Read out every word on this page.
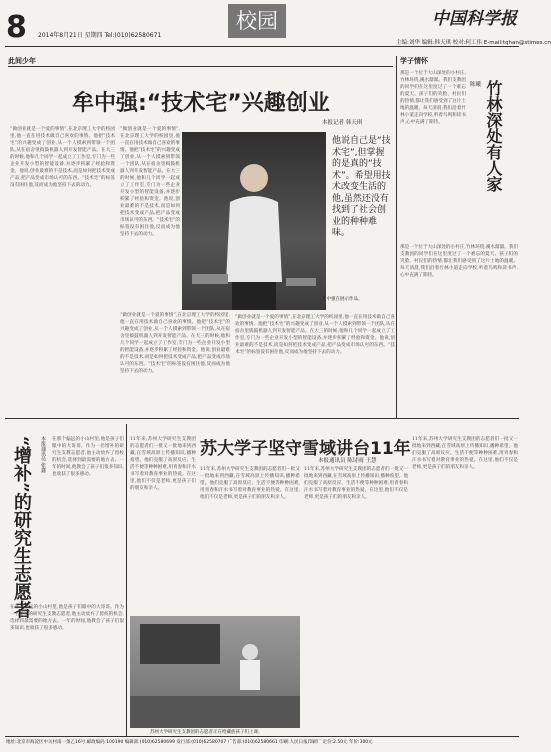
8 2014年8月21日 星期四 Tel:(010)62580671
校园	中国科学报
主编:刘华 编辑:韩天琪 校对:何工伟 E-mail:tqhan@stimes.cn
此间少年
牟中强:“技术宅”兴趣创业
本报记者 韩天琪
“做创业就是一个爱的事情”,在北京理工大学的校园里,他一直在用技术做自己喜欢的事情。他把“技术宅”的兴趣变成了创业,从一个人摸索到带领一个团队,从在宿舍里捣鼓机器人到开发智能产品。在大三的时候,他和几个同学一起成立了工作室,专门为一些企业开发小型的智能设备,并逐步积累了经验和资金。他说,创业最难的不是技术,而是如何把技术变成产品,把产品变成市场认可的东西。“技术宅”的标签没有困住他,反而成为他坚持下去的动力。
“做创业就是一个爱的事情”,在北京理工大学的校园里,他一直在用技术做自己喜欢的事情。他把“技术宅”的兴趣变成了创业,从一个人摸索到带领一个团队,从在宿舍里捣鼓机器人到开发智能产品。在大三的时候,他和几个同学一起成立了工作室,专门为一些企业开发小型的智能设备,并逐步积累了经验和资金。他说,创业最难的不是技术,而是如何把技术变成产品,把产品变成市场认可的东西。“技术宅”的标签没有困住他,反而成为他坚持下去的动力。
“做创业就是一个爱的事情”,在北京理工大学的校园里,他一直在用技术做自己喜欢的事情。他把“技术宅”的兴趣变成了创业,从一个人摸索到带领一个团队,从在宿舍里捣鼓机器人到开发智能产品。在大三的时候,他和几个同学一起成立了工作室,专门为一些企业开发小型的智能设备,并逐步积累了经验和资金。他说,创业最难的不是技术,而是如何把技术变成产品,把产品变成市场认可的东西。“技术宅”的标签没有困住他,反而成为他坚持下去的动力。
牟中强在展示作品。
他说自己是“技术宅”,但掌握的是真的“技术”。希望用技术改变生活的他,虽然还没有找到了社会创业的种种难味。
“做创业就是一个爱的事情”,在北京理工大学的校园里,他一直在用技术做自己喜欢的事情。他把“技术宅”的兴趣变成了创业,从一个人摸索到带领一个团队,从在宿舍里捣鼓机器人到开发智能产品。在大三的时候,他和几个同学一起成立了工作室,专门为一些企业开发小型的智能设备,并逐步积累了经验和资金。他说,创业最难的不是技术,而是如何把技术变成产品,把产品变成市场认可的东西。“技术宅”的标签没有困住他,反而成为他坚持下去的动力。
学子情怀
竹林深处有人家
陈曦
那是一个位于大山深处的小村庄,竹林环绕,溪水潺潺。我们支教团的同学们在这里度过了一个难忘的夏天。孩子们的笑脸、村民们的热情,都让我们感受到了这片土地的温暖。每天清晨,我们沿着竹林小道走向学校,听着鸟鸣和读书声,心中充满了期待。
那是一个位于大山深处的小村庄,竹林环绕,溪水潺潺。我们支教团的同学们在这里度过了一个难忘的夏天。孩子们的笑脸、村民们的热情,都让我们感受到了这片土地的温暖。每天清晨,我们沿着竹林小道走向学校,听着鸟鸣和读书声,心中充满了期待。
“增补”的研究生志愿者	本报通讯员 张鑫 在那个偏远的小山村里,他是孩子们眼中的大哥哥。作为一名增补的研究生支教志愿者,他主动放弃了留校的机会,选择到最需要的地方去。一年的时间,他教会了孩子们很多知识,也收获了很多感动。
在那个偏远的小山村里,他是孩子们眼中的大哥哥。作为一名增补的研究生支教志愿者,他主动放弃了留校的机会,选择到最需要的地方去。一年的时间,他教会了孩子们很多知识,也收获了很多感动。
苏大学子坚守雪域讲台11年
本报通讯员 陈诗雨 王慧
11年来,苏州大学研究生支教团的志愿者们一批又一批地来到西藏,在雪域高原上传播知识,播种希望。他们克服了高原反应、生活不便等种种困难,用青春和汗水书写着对教育事业的热爱。在这里,他们不仅是老师,更是孩子们的朋友和亲人。
11年来,苏州大学研究生支教团的志愿者们一批又一批地来到西藏,在雪域高原上传播知识,播种希望。他们克服了高原反应、生活不便等种种困难,用青春和汗水书写着对教育事业的热爱。在这里,他们不仅是老师,更是孩子们的朋友和亲人。
11年来,苏州大学研究生支教团的志愿者们一批又一批地来到西藏,在雪域高原上传播知识,播种希望。他们克服了高原反应、生活不便等种种困难,用青春和汗水书写着对教育事业的热爱。在这里,他们不仅是老师,更是孩子们的朋友和亲人。
11年来,苏州大学研究生支教团的志愿者们一批又一批地来到西藏,在雪域高原上传播知识,播种希望。他们克服了高原反应、生活不便等种种困难,用青春和汗水书写着对教育事业的热爱。在这里,他们不仅是老师,更是孩子们的朋友和亲人。
苏州大学研究生支教团的志愿者正在给藏族孩子们上课。
地址:北京市海淀区中关村南一条乙16号 邮政编码:100190 编辑部:(010)62580699 发行部:(010)62580707 广告部:(010)62580661 印刷:人民日报印刷厂 定价:2.50元 年价:300元
